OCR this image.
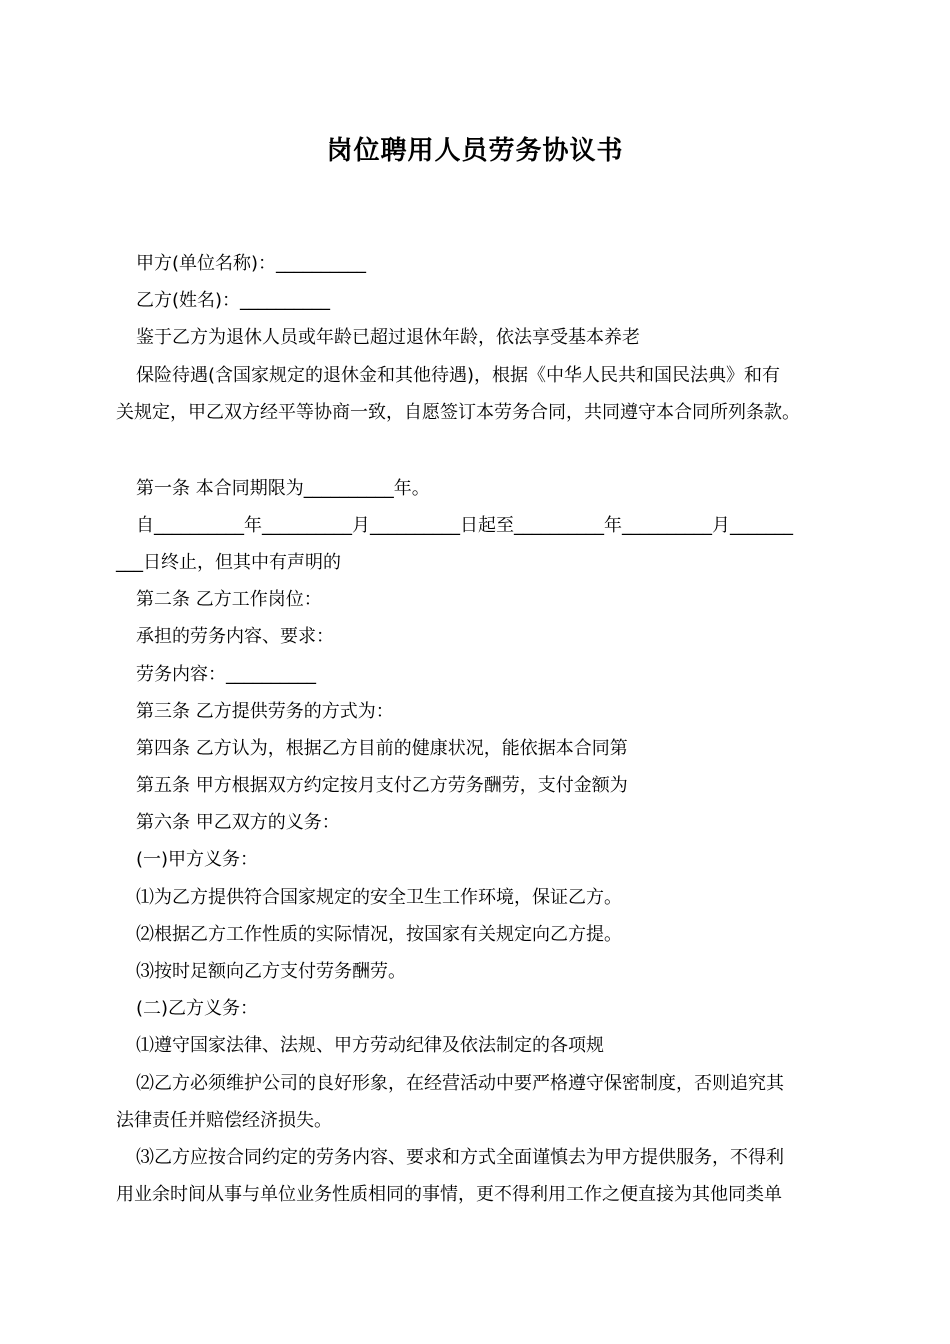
岗位聘用人员劳务协议书
甲方(单位名称)：__________
乙方(姓名)：__________
鉴于乙方为退休人员或年龄已超过退休年龄，依法享受基本养老
保险待遇(含国家规定的退休金和其他待遇)，根据《中华人民共和国民法典》和有
关规定，甲乙双方经平等协商一致，自愿签订本劳务合同，共同遵守本合同所列条款。
第一条 本合同期限为__________年。
自__________年__________月__________日起至__________年__________月_______
___日终止，但其中有声明的
第二条 乙方工作岗位：
承担的劳务内容、要求：
劳务内容：__________
第三条 乙方提供劳务的方式为：
第四条 乙方认为，根据乙方目前的健康状况，能依据本合同第
第五条 甲方根据双方约定按月支付乙方劳务酬劳，支付金额为
第六条 甲乙双方的义务：
(一)甲方义务：
⑴为乙方提供符合国家规定的安全卫生工作环境，保证乙方。
⑵根据乙方工作性质的实际情况，按国家有关规定向乙方提。
⑶按时足额向乙方支付劳务酬劳。
(二)乙方义务：
⑴遵守国家法律、法规、甲方劳动纪律及依法制定的各项规
⑵乙方必须维护公司的良好形象，在经营活动中要严格遵守保密制度，否则追究其
法律责任并赔偿经济损失。
⑶乙方应按合同约定的劳务内容、要求和方式全面谨慎去为甲方提供服务，不得利
用业余时间从事与单位业务性质相同的事情，更不得利用工作之便直接为其他同类单
